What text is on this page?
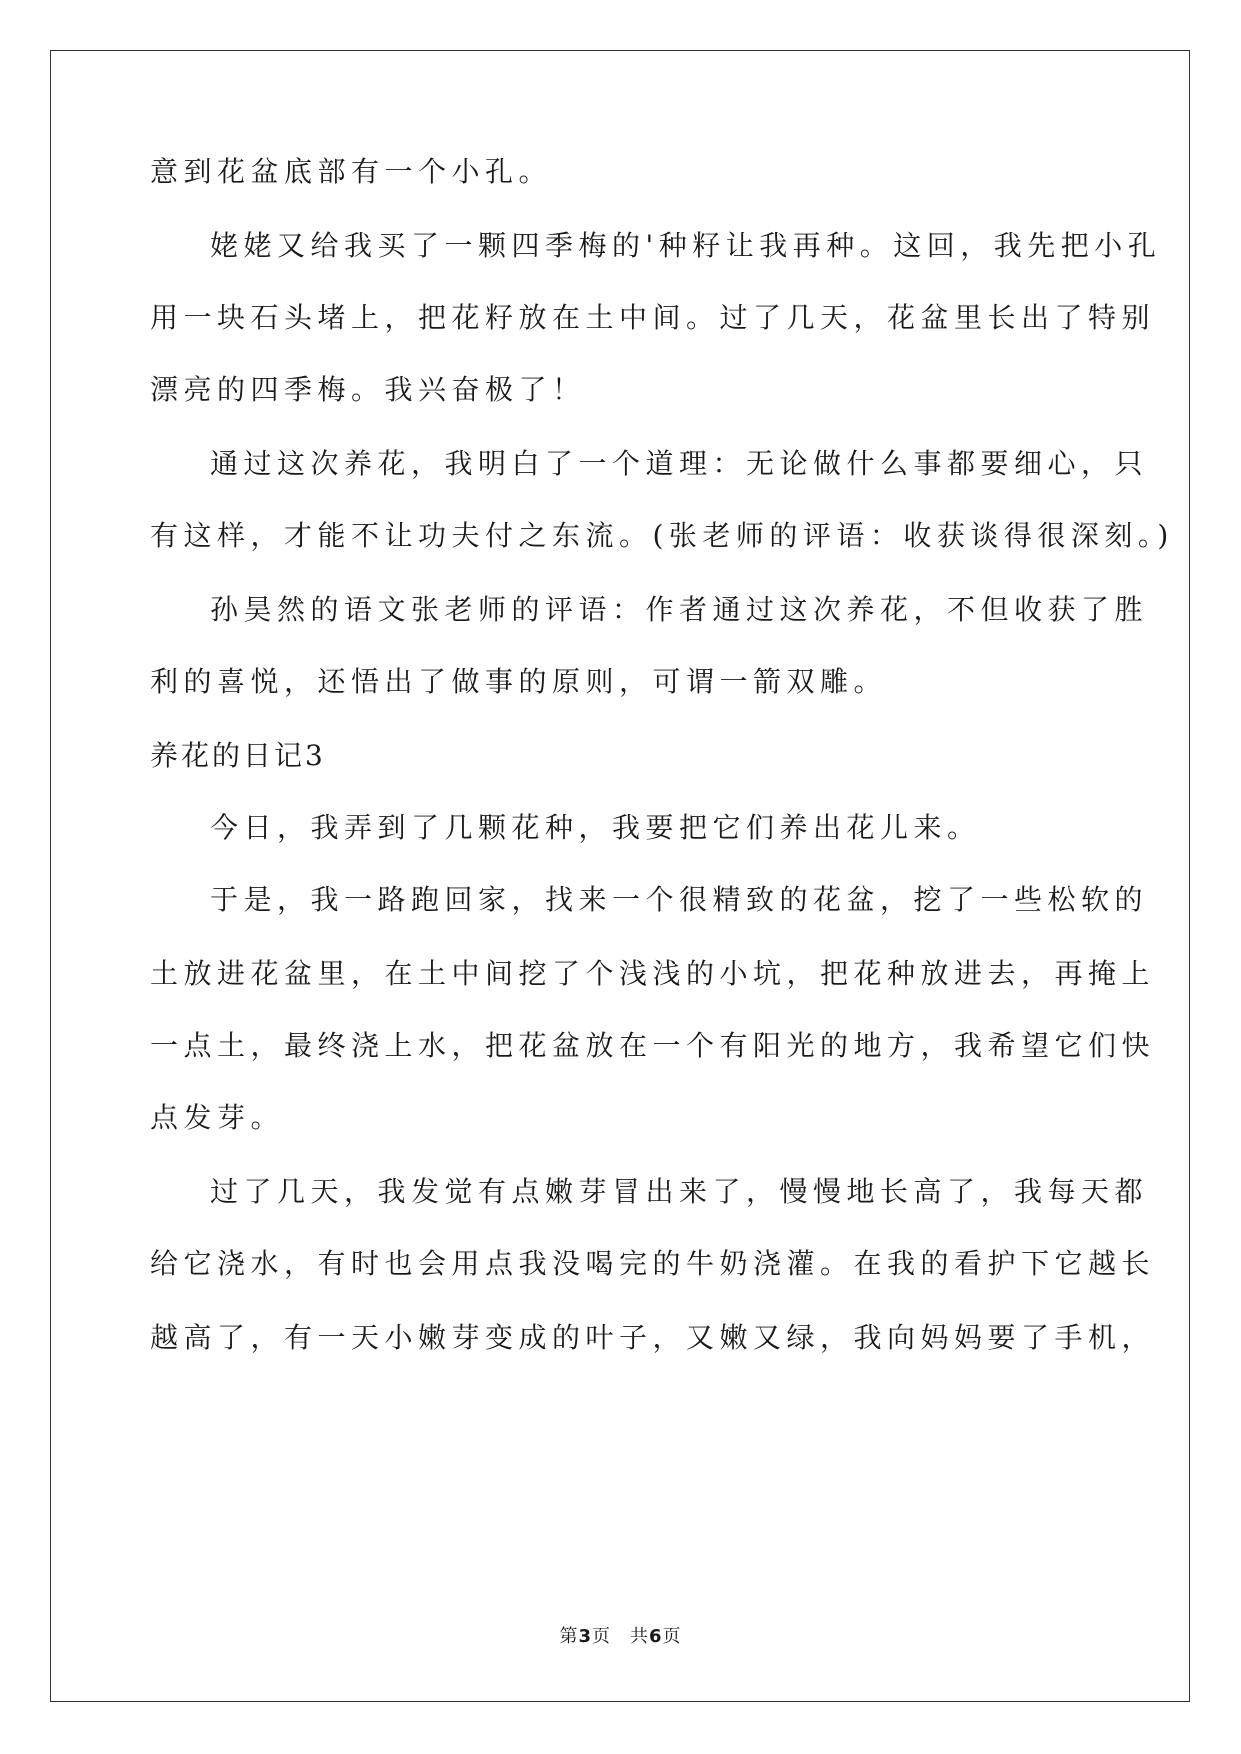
意到花盆底部有一个小孔。
姥姥又给我买了一颗四季梅的'种籽让我再种。这回，我先把小孔
用一块石头堵上，把花籽放在土中间。过了几天，花盆里长出了特别
漂亮的四季梅。我兴奋极了！
通过这次养花，我明白了一个道理：无论做什么事都要细心，只
有这样，才能不让功夫付之东流。(张老师的评语：收获谈得很深刻。)
孙昊然的语文张老师的评语：作者通过这次养花，不但收获了胜
利的喜悦，还悟出了做事的原则，可谓一箭双雕。
养花的日记3
今日，我弄到了几颗花种，我要把它们养出花儿来。
于是，我一路跑回家，找来一个很精致的花盆，挖了一些松软的
土放进花盆里，在土中间挖了个浅浅的小坑，把花种放进去，再掩上
一点土，最终浇上水，把花盆放在一个有阳光的地方，我希望它们快
点发芽。
过了几天，我发觉有点嫩芽冒出来了，慢慢地长高了，我每天都
给它浇水，有时也会用点我没喝完的牛奶浇灌。在我的看护下它越长
越高了，有一天小嫩芽变成的叶子，又嫩又绿，我向妈妈要了手机，
第3页　共6页
